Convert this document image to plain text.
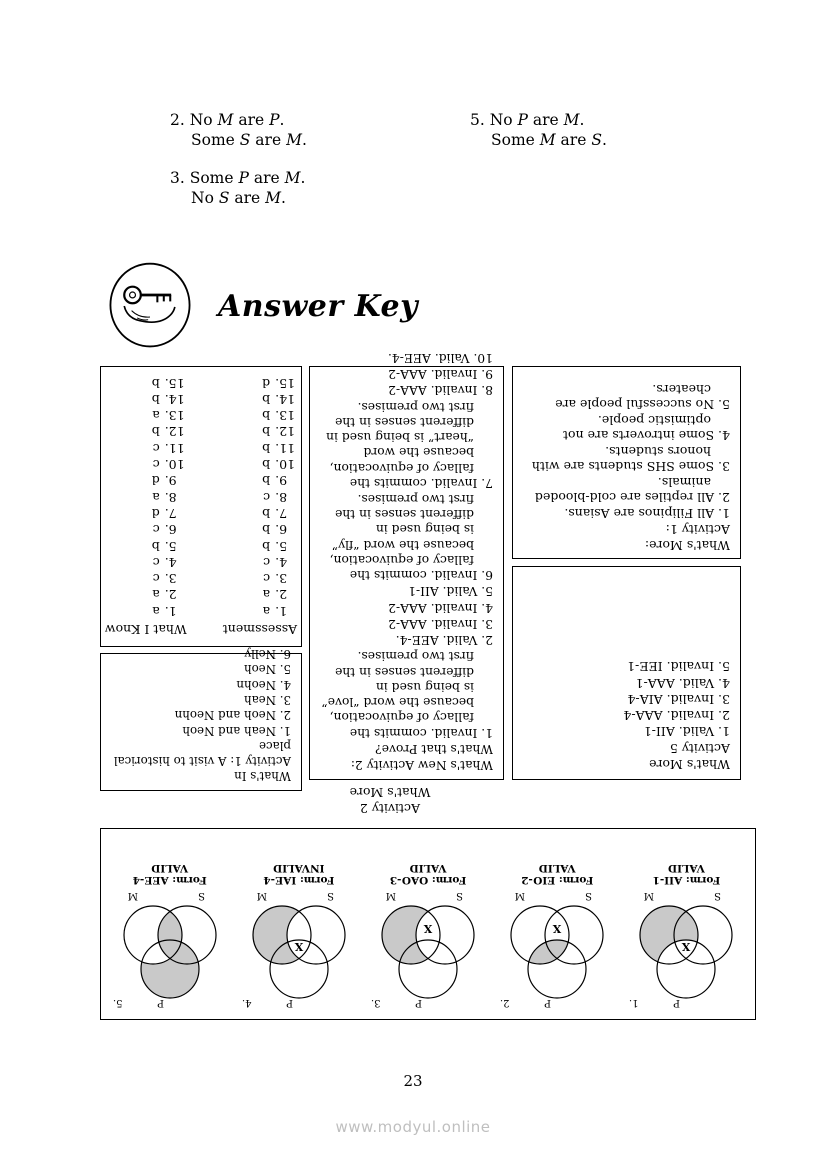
2. No M are P.
Some S are M.
5. No P are M.
Some M are S.
3. Some P are M.
No S are M.
Answer Key
Assessment
1.a
2.a
3.c
4.c
5.b
6.b
7.b
8.c
9.b
10.b
11.b
12.b
13.b
14.b
15.d
What I Know
1.a
2.a
3.c
4.c
5.b
6.c
7.d
8.a
9.d
10.c
11.c
12.b
13.a
14.b
15.b
What's In
Activity 1: A visit to historical place
1. Neah and Neoh
2. Neoh and Neohn
3. Neah
4. Neohn
5. Neoh
6. Nelly
What's New Activity 2:
What's that Prove?
1. Invalid. commits the fallacy of equivocation, because the word “love” is being used in different senses in the first two premises.
2. Valid. AEE-4.
3. Invalid. AAA-2
4. Invalid. AAA-2
5. Valid. AII-1
6. Invalid. commits the fallacy of equivocation, because the word “fly” is being used in different senses in the first two premises.
7. Invalid. commits the fallacy of equivocation, because the word “heart” is being used in different senses in the first two premises.
8. Invalid. AAA-2
9. Invalid. AAA-2
10. Valid. AEE-4.
What's More:
Activity 1:
1. All Filipinos are Asians.
2. All reptiles are cold-blooded animals.
3. Some SHS students are with honors students.
4. Some introverts are not optimistic people.
5. No successful people are cheaters.
What's More
Activity 5
1. Valid. AII-1
2. Invalid. AAA-4
3. Invalid. AIA-4
4. Valid. AAA-1
5. Invalid. IEE-1
Activity 2
What's More
P
1.
S
M
X
Form: AII-1
VALID
P
2.
S
M
X
Form: EIO-2
VALID
P
3.
S
M
X
Form: OAO-3
VALID
P
4.
S
M
X
Form: IAE-4
INVALID
P
5.
S
M
Form: AEE-4
VALID
23
www.modyul.online
